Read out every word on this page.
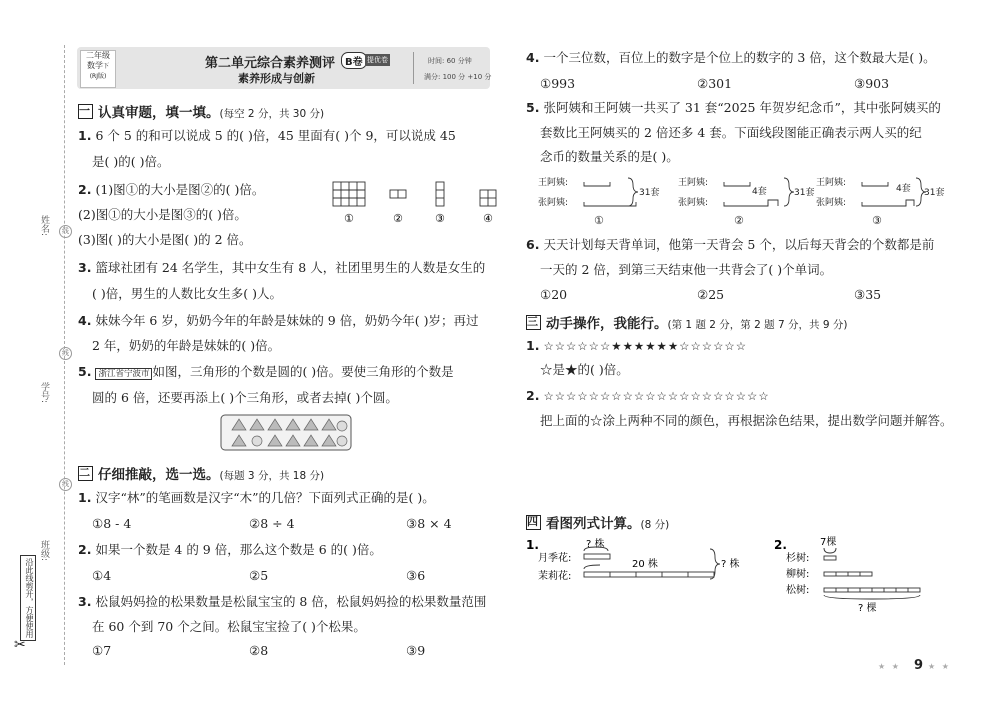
姓名:	线
线
学号:
线
班级:
沿此线剪开，方便使用
✂
二年级
数学下
(RJ版)
第二单元综合素养测评 B卷 提优卷
素养形成与创新
时间: 60 分钟
满分: 100 分 +10 分
一 认真审题，填一填。(每空 2 分，共 30 分)
1. 6 个 5 的和可以说成 5 的( )倍，45 里面有( )个 9，可以说成 45
是( )的( )倍。
2. (1)图①的大小是图②的( )倍。
(2)图①的大小是图③的( )倍。
(3)图( )的大小是图( )的 2 倍。
①	②	③	④
3. 篮球社团有 24 名学生，其中女生有 8 人，社团里男生的人数是女生的
( )倍，男生的人数比女生多( )人。
4. 妹妹今年 6 岁，奶奶今年的年龄是妹妹的 9 倍，奶奶今年( )岁；再过
2 年，奶奶的年龄是妹妹的( )倍。
5. 浙江省宁波市 如图，三角形的个数是圆的( )倍。要使三角形的个数是
圆的 6 倍，还要再添上( )个三角形，或者去掉( )个圆。
二 仔细推敲，选一选。(每题 3 分，共 18 分)
1. 汉字“林”的笔画数是汉字“木”的几倍？下面列式正确的是( )。
①8 - 4	②8 ÷ 4	③8 × 4
2. 如果一个数是 4 的 9 倍，那么这个数是 6 的( )倍。
①4	②5	③6
3. 松鼠妈妈捡的松果数量是松鼠宝宝的 8 倍，松鼠妈妈捡的松果数量范围
在 60 个到 70 个之间。松鼠宝宝捡了( )个松果。
①7	②8	③9
4. 一个三位数，百位上的数字是个位上的数字的 3 倍，这个数最大是( )。
①993	②301	③903
5. 张阿姨和王阿姨一共买了 31 套“2025 年贺岁纪念币”，其中张阿姨买的
套数比王阿姨买的 2 倍还多 4 套。下面线段图能正确表示两人买的纪
念币的数量关系的是( )。
王阿姨:
张阿姨:
31套
①
王阿姨:
张阿姨:
4套	31套
②
王阿姨:
张阿姨:
4套 31套
③
6. 天天计划每天背单词，他第一天背会 5 个，以后每天背会的个数都是前
一天的 2 倍，到第三天结束他一共背会了( )个单词。
①20	②25	③35
三 动手操作，我能行。(第 1 题 2 分，第 2 题 7 分，共 9 分)
1. ☆☆☆☆☆☆★★★★★★☆☆☆☆☆☆
☆是★的( )倍。
2. ☆☆☆☆☆☆☆☆☆☆☆☆☆☆☆☆☆☆☆☆
把上面的☆涂上两种不同的颜色，再根据涂色结果，提出数学问题并解答。
四 看图列式计算。(8 分)
1.	? 株
月季花:
茉莉花:
20 株	? 株
2.	7棵
杉树:
柳树:
松树:
? 棵
★ ★ 9 ★ ★
